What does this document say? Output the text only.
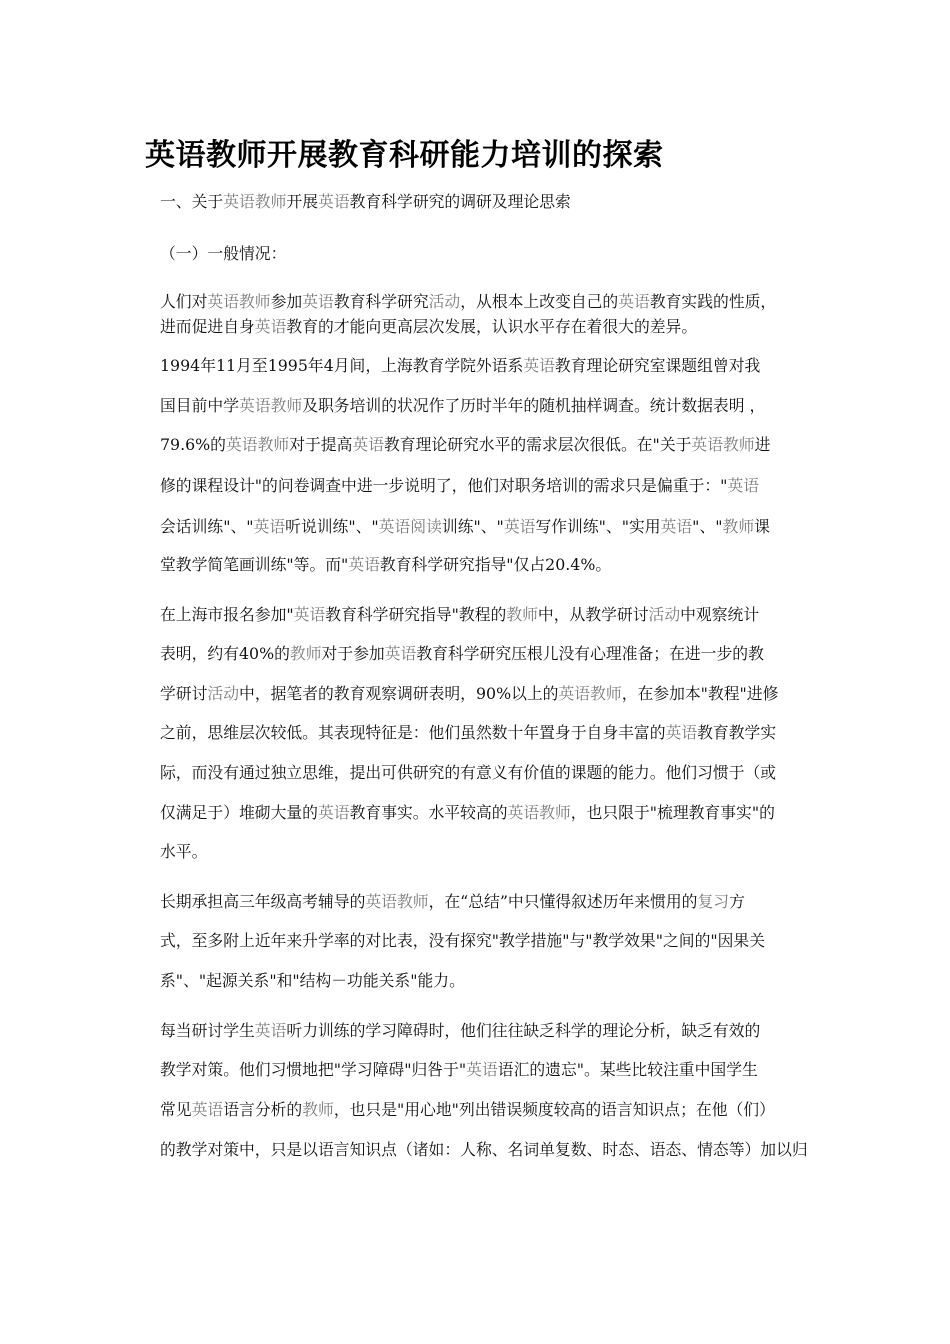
英语教师开展教育科研能力培训的探索
一、关于英语教师开展英语教育科学研究的调研及理论思索
（一）一般情况：
人们对英语教师参加英语教育科学研究活动，从根本上改变自己的英语教育实践的性质，
进而促进自身英语教育的才能向更高层次发展，认识水平存在着很大的差异。
1994年11月至1995年4月间，上海教育学院外语系英语教育理论研究室课题组曾对我
国目前中学英语教师及职务培训的状况作了历时半年的随机抽样调查。统计数据表明 ，
79.6%的英语教师对于提高英语教育理论研究水平的需求层次很低。在"关于英语教师进
修的课程设计"的问卷调查中进一步说明了，他们对职务培训的需求只是偏重于："英语
会话训练"、"英语听说训练"、"英语阅读训练"、"英语写作训练"、"实用英语"、"教师课
堂教学简笔画训练"等。而"英语教育科学研究指导"仅占20.4%。
在上海市报名参加"英语教育科学研究指导"教程的教师中，从教学研讨活动中观察统计
表明，约有40%的教师对于参加英语教育科学研究压根儿没有心理准备；在进一步的教
学研讨活动中，据笔者的教育观察调研表明，90%以上的英语教师，在参加本"教程"进修
之前，思维层次较低。其表现特征是：他们虽然数十年置身于自身丰富的英语教育教学实
际，而没有通过独立思维，提出可供研究的有意义有价值的课题的能力。他们习惯于（或
仅满足于）堆砌大量的英语教育事实。水平较高的英语教师，也只限于"梳理教育事实"的
水平。
长期承担高三年级高考辅导的英语教师，在“总结”中只懂得叙述历年来惯用的复习方
式，至多附上近年来升学率的对比表，没有探究"教学措施"与"教学效果"之间的"因果关
系"、"起源关系"和"结构－功能关系"能力。
每当研讨学生英语听力训练的学习障碍时，他们往往缺乏科学的理论分析，缺乏有效的
教学对策。他们习惯地把"学习障碍"归咎于"英语语汇的遗忘"。某些比较注重中国学生
常见英语语言分析的教师，也只是"用心地"列出错误频度较高的语言知识点；在他（们）
的教学对策中，只是以语言知识点（诸如：人称、名词单复数、时态、语态、情态等）加以归
